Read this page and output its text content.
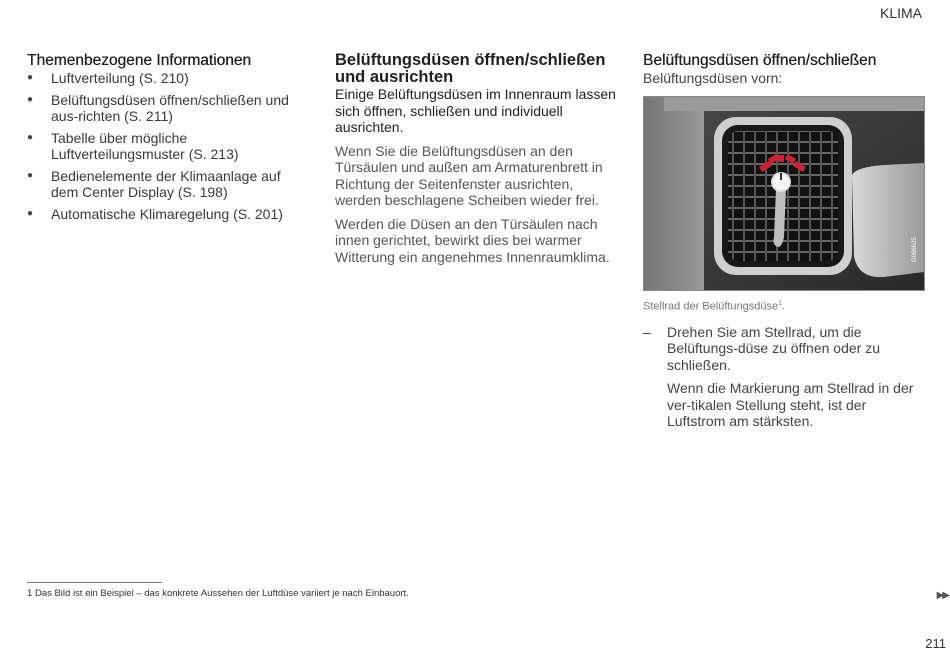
KLIMA
Themenbezogene Informationen
● Luftverteilung (S. 210)
● Belüftungsdüsen öffnen/schließen und aus-richten (S. 211)
● Tabelle über mögliche Luftverteilungsmuster (S. 213)
● Bedienelemente der Klimaanlage auf dem Center Display (S. 198)
● Automatische Klimaregelung (S. 201)
Belüftungsdüsen öffnen/schließen und ausrichten

Einige Belüftungsdüsen im Innenraum lassen sich öffnen, schließen und individuell ausrichten.

Wenn Sie die Belüftungsdüsen an den Türsäulen und außen am Armaturenbrett in Richtung der Seitenfenster ausrichten, werden beschlagene Scheiben wieder frei.

Werden die Düsen an den Türsäulen nach innen gerichtet, bewirkt dies bei warmer Witterung ein angenehmes Innenraumklima.

Belüftungsdüsen öffnen/schließen
Belüftungsdüsen vorn:
G066625
Stellrad der Belüftungsdüse$^1$.
–	Drehen Sie am Stellrad, um die Belüftungs-düse zu öffnen oder zu schließen.
Wenn die Markierung am Stellrad in der ver-tikalen Stellung steht, ist der Luftstrom am stärksten.
1 Das Bild ist ein Beispiel – das konkrete Aussehen der Luftdüse variiert je nach Einbauort.	▶▶
211
